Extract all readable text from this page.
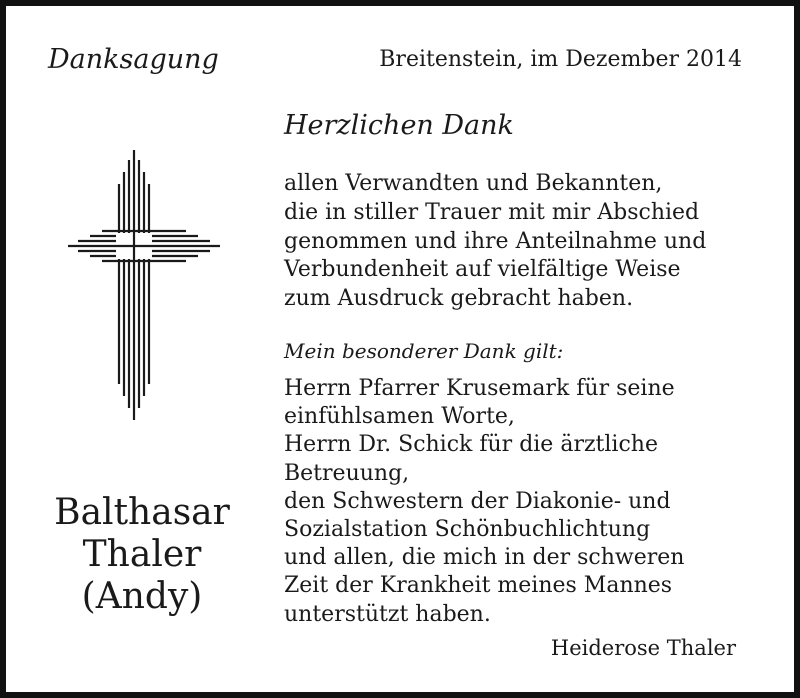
Danksagung	Breitenstein, im Dezember 2014
Herzlichen Dank
allen Verwandten und Bekannten,
die in stiller Trauer mit mir Abschied
genommen und ihre Anteilnahme und
Verbundenheit auf vielfältige Weise
zum Ausdruck gebracht haben.
Mein besonderer Dank gilt:
Herrn Pfarrer Krusemark für seine
einfühlsamen Worte,
Herrn Dr. Schick für die ärztliche
Betreuung,
den Schwestern der Diakonie- und
Sozialstation Schönbuchlichtung
und allen, die mich in der schweren
Zeit der Krankheit meines Mannes
unterstützt haben.
Balthasar
Thaler
(Andy)
Heiderose Thaler
